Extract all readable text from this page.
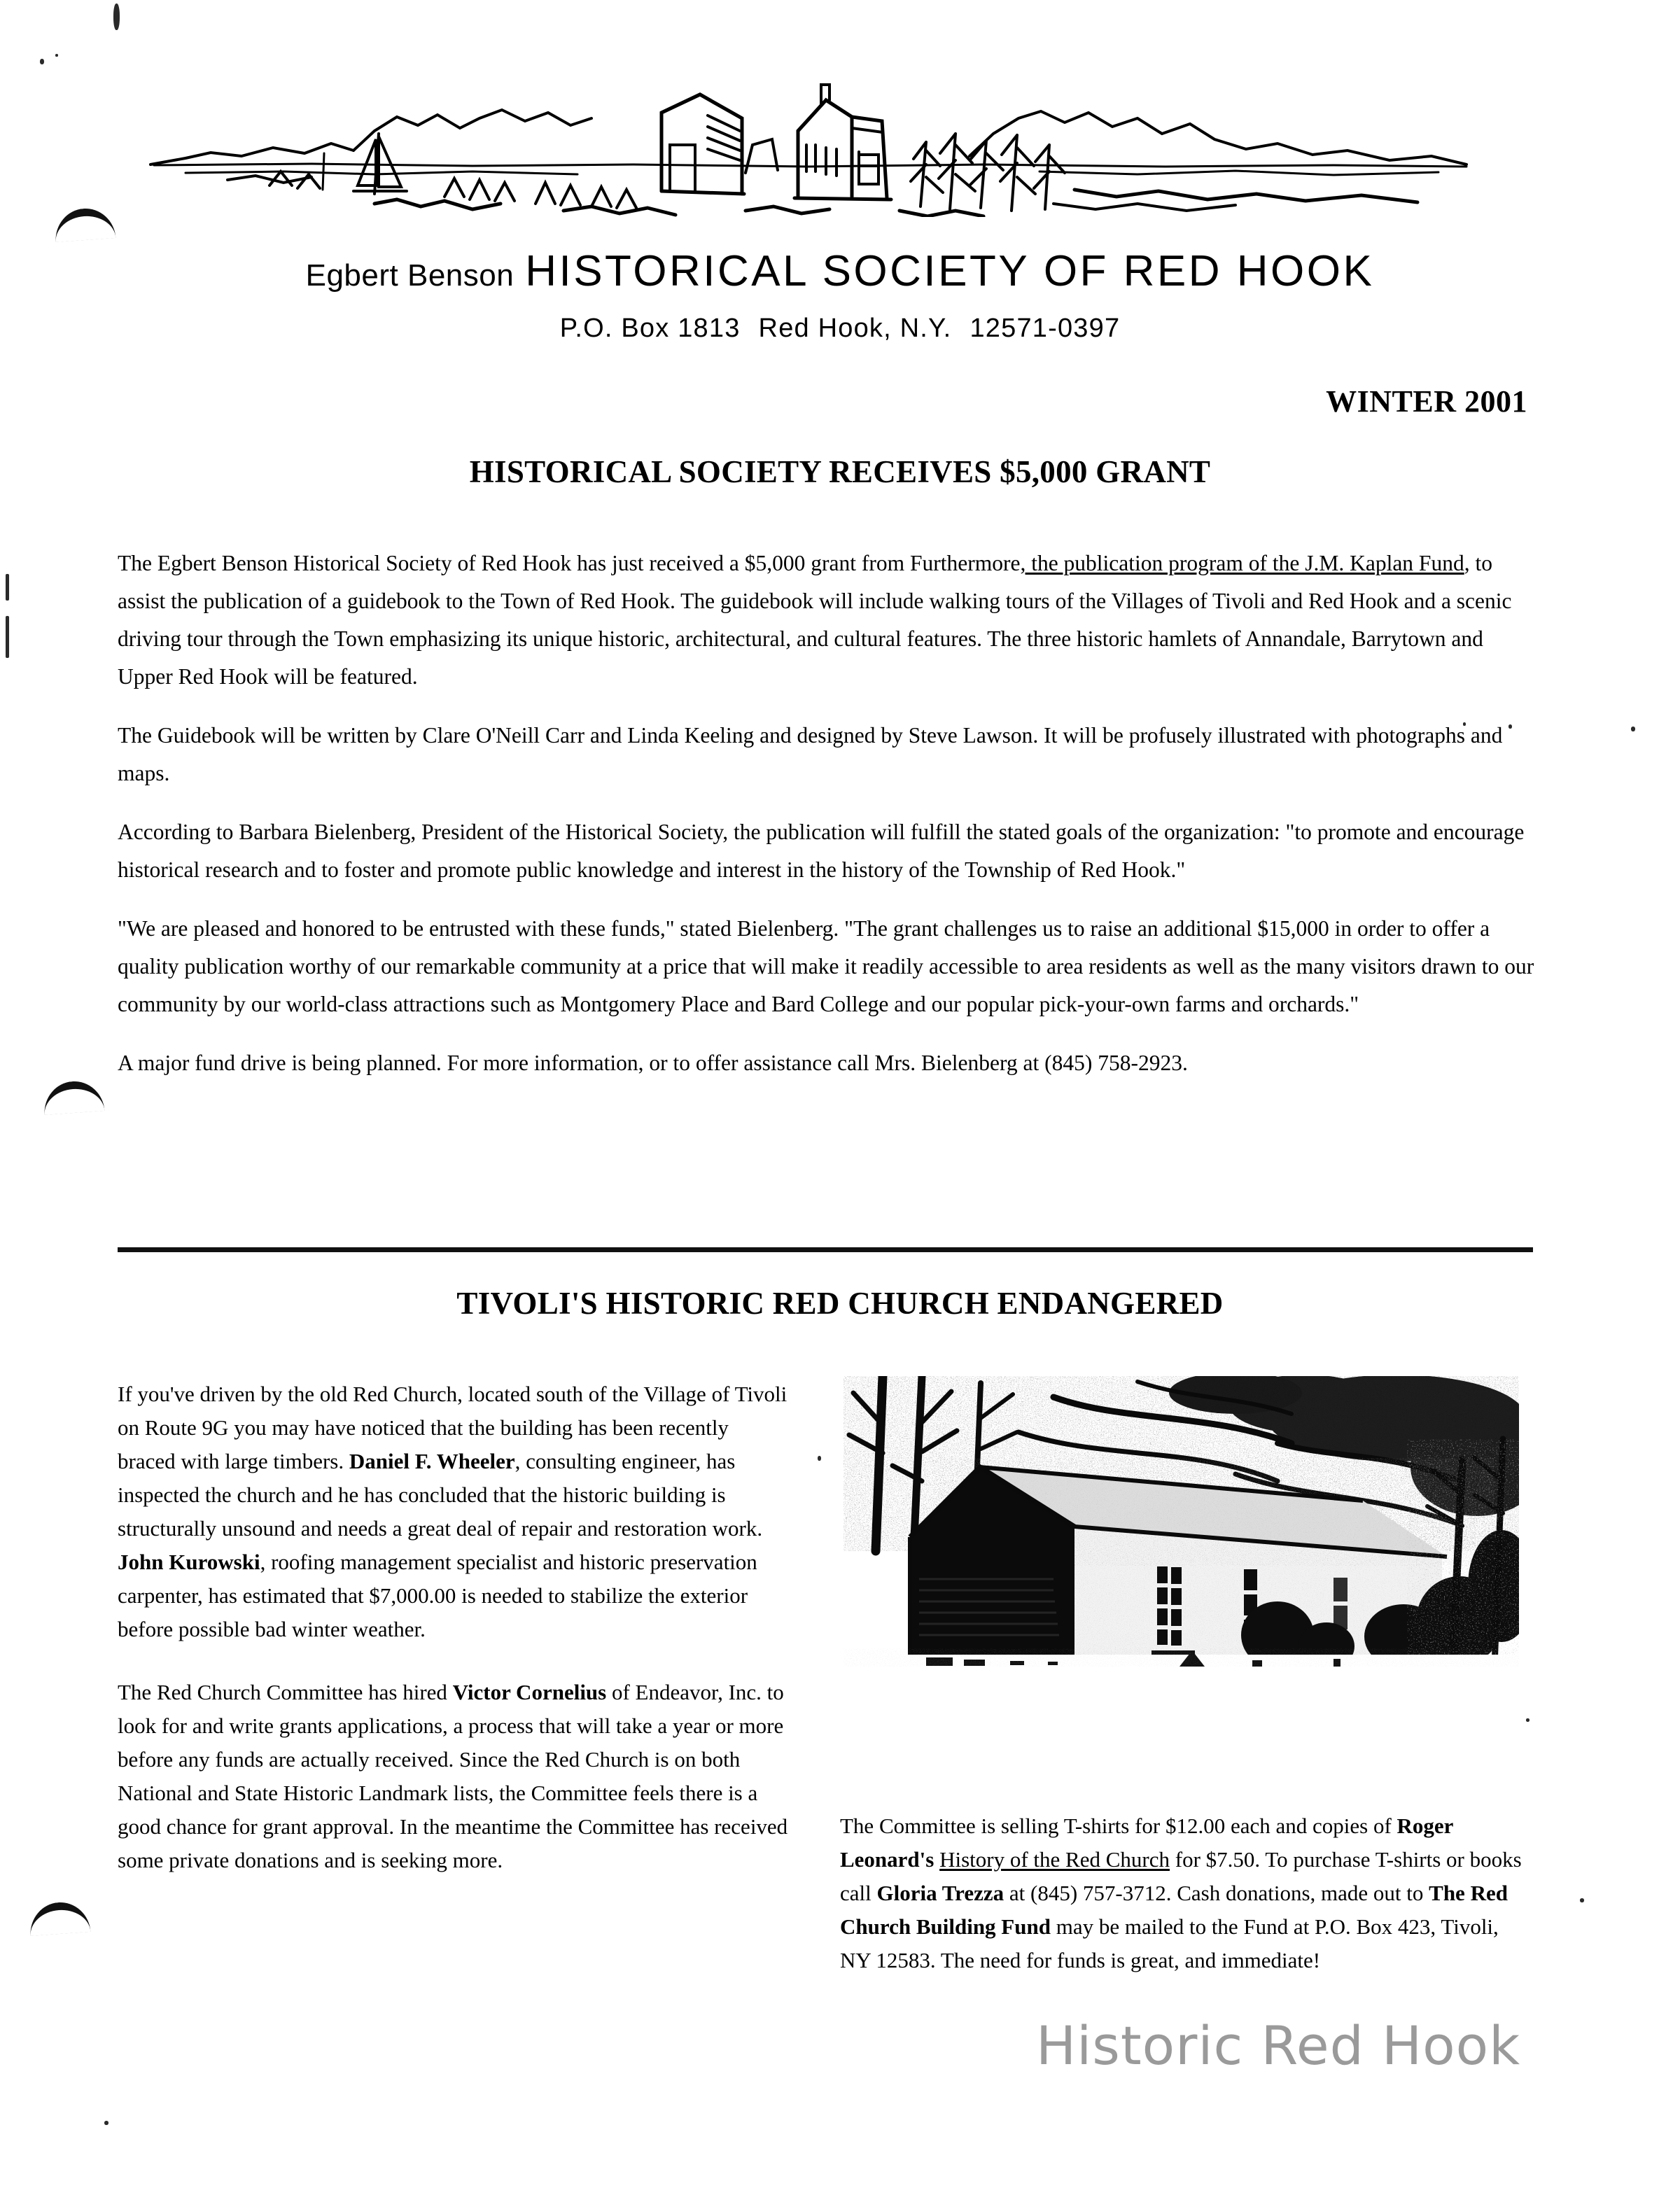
Egbert Benson HISTORICAL SOCIETY OF RED HOOK
P.O. Box 1813 Red Hook, N.Y. 12571-0397
WINTER 2001
HISTORICAL SOCIETY RECEIVES $5,000 GRANT

The Egbert Benson Historical Society of Red Hook has just received a $5,000 grant from Furthermore, the publication program of the J.M. Kaplan Fund, to assist the publication of a guidebook to the Town of Red Hook. The guidebook will include walking tours of the Villages of Tivoli and Red Hook and a scenic driving tour through the Town emphasizing its unique historic, architectural, and cultural features. The three historic hamlets of Annandale, Barrytown and Upper Red Hook will be featured.

The Guidebook will be written by Clare O'Neill Carr and Linda Keeling and designed by Steve Lawson. It will be profusely illustrated with photographs and maps.

According to Barbara Bielenberg, President of the Historical Society, the publication will fulfill the stated goals of the organization: "to promote and encourage historical research and to foster and promote public knowledge and interest in the history of the Township of Red Hook."

"We are pleased and honored to be entrusted with these funds," stated Bielenberg. "The grant challenges us to raise an additional $15,000 in order to offer a quality publication worthy of our remarkable community at a price that will make it readily accessible to area residents as well as the many visitors drawn to our community by our world-class attractions such as Montgomery Place and Bard College and our popular pick-your-own farms and orchards."

A major fund drive is being planned. For more information, or to offer assistance call Mrs. Bielenberg at (845) 758-2923.

TIVOLI'S HISTORIC RED CHURCH ENDANGERED

If you've driven by the old Red Church, located south of the Village of Tivoli on Route 9G you may have noticed that the building has been recently braced with large timbers. Daniel F. Wheeler, consulting engineer, has inspected the church and he has concluded that the historic building is structurally unsound and needs a great deal of repair and restoration work. John Kurowski, roofing management specialist and historic preservation carpenter, has estimated that $7,000.00 is needed to stabilize the exterior before possible bad winter weather.

The Red Church Committee has hired Victor Cornelius of Endeavor, Inc. to look for and write grants applications, a process that will take a year or more before any funds are actually received. Since the Red Church is on both National and State Historic Landmark lists, the Committee feels there is a good chance for grant approval. In the meantime the Committee has received some private donations and is seeking more.

The Committee is selling T-shirts for $12.00 each and copies of Roger Leonard's History of the Red Church for $7.50. To purchase T-shirts or books call Gloria Trezza at (845) 757-3712. Cash donations, made out to The Red Church Building Fund may be mailed to the Fund at P.O. Box 423, Tivoli, NY 12583. The need for funds is great, and immediate!

Historic Red Hook
